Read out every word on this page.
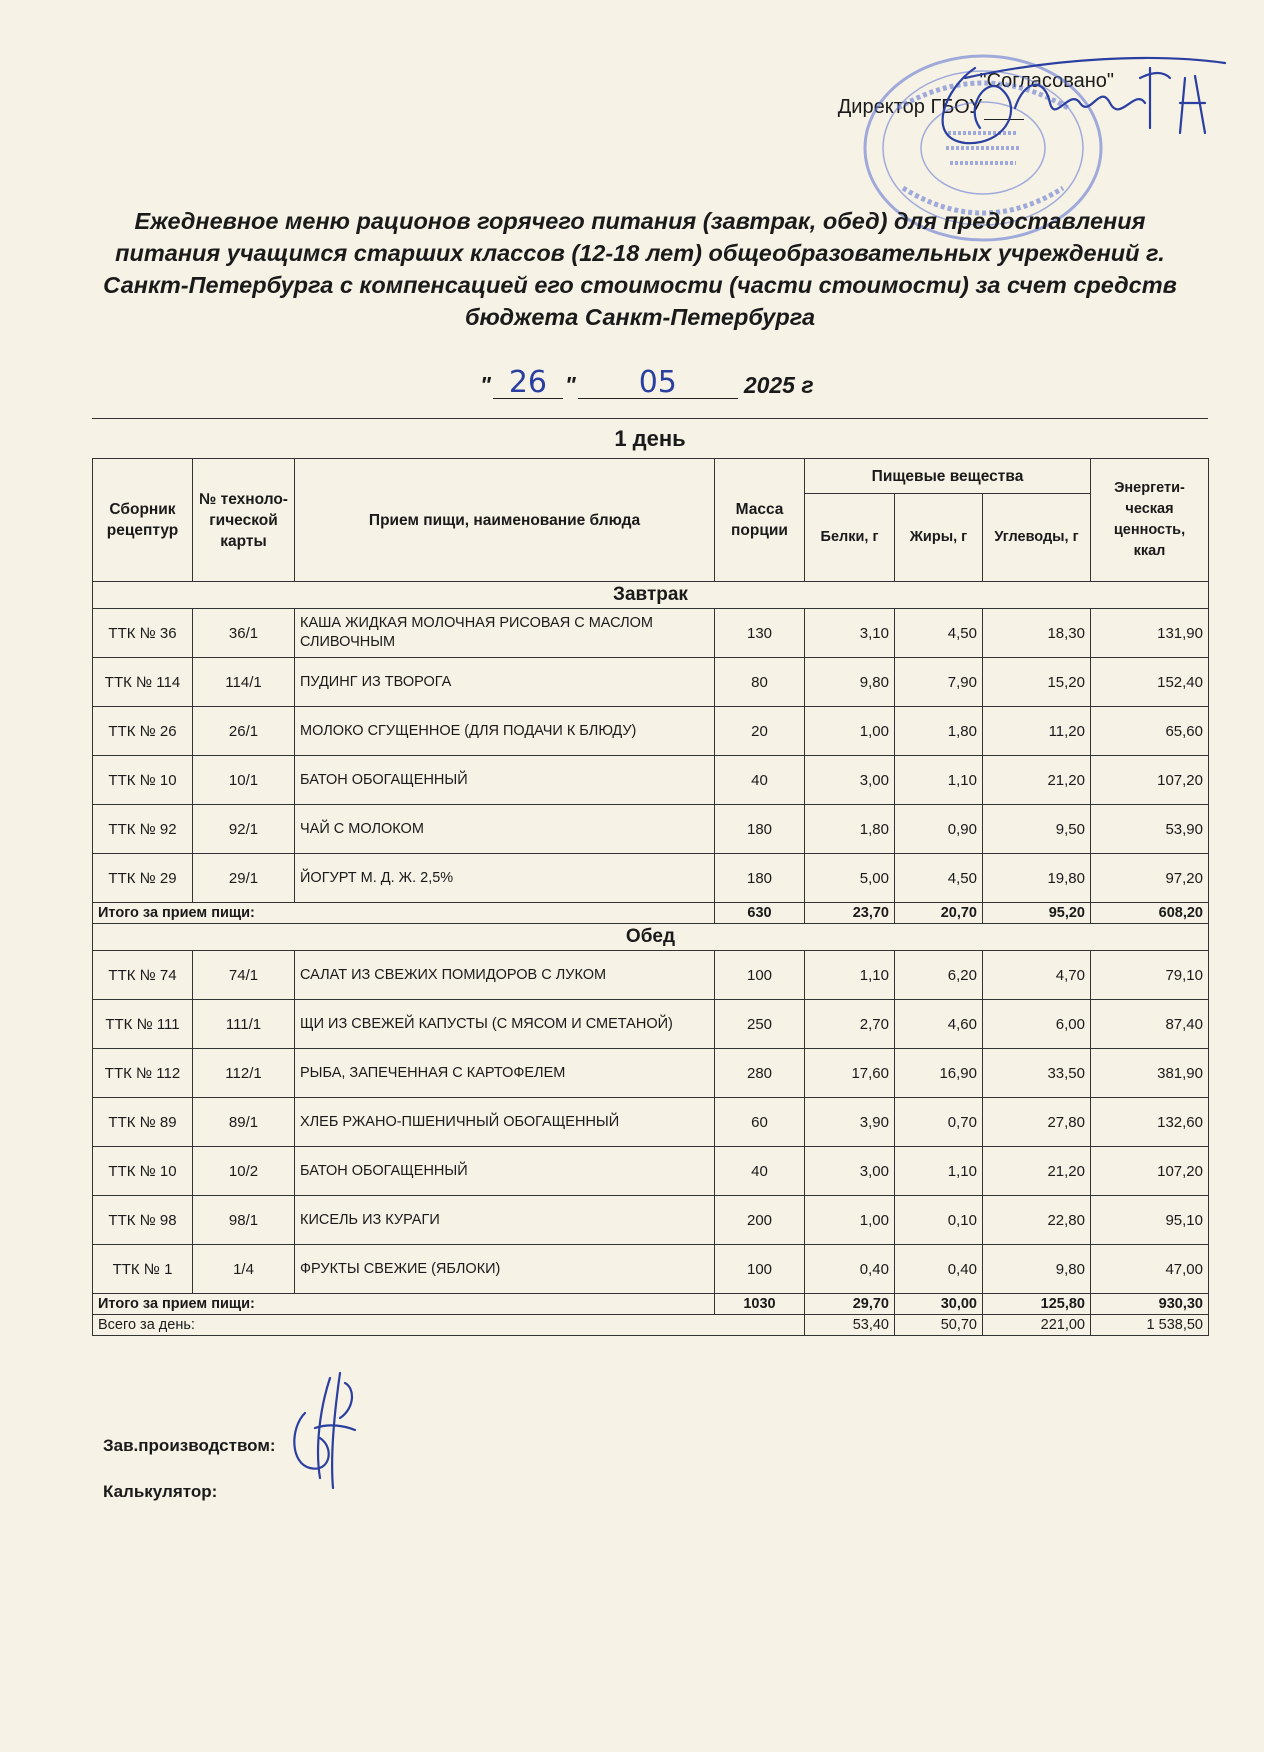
"Согласовано"
Директор ГБОУ
Ежедневное меню рационов горячего питания (завтрак, обед) для предоставления питания учащимся старших классов (12-18 лет) общеобразовательных учреждений г. Санкт-Петербурга с компенсацией его стоимости (части стоимости) за счет средств бюджета Санкт-Петербурга
" 26 "	05	2025 г
1 день
Сборник рецептур	№ техноло- гической карты	Прием пищи, наименование блюда	Масса порции	Пищевые вещества			Энергети- ческая ценность, ккал
				Белки, г	Жиры, г	Углеводы, г	
Завтрак							
ТТК № 36	36/1	КАША ЖИДКАЯ МОЛОЧНАЯ РИСОВАЯ С МАСЛОМ СЛИВОЧНЫМ	130	3,10	4,50	18,30	131,90
ТТК № 114	114/1	ПУДИНГ ИЗ ТВОРОГА	80	9,80	7,90	15,20	152,40
ТТК № 26	26/1	МОЛОКО СГУЩЕННОЕ (ДЛЯ ПОДАЧИ К БЛЮДУ)	20	1,00	1,80	11,20	65,60
ТТК № 10	10/1	БАТОН ОБОГАЩЕННЫЙ	40	3,00	1,10	21,20	107,20
ТТК № 92	92/1	ЧАЙ С МОЛОКОМ	180	1,80	0,90	9,50	53,90
ТТК № 29	29/1	ЙОГУРТ М. Д. Ж. 2,5%	180	5,00	4,50	19,80	97,20
Итого за прием пищи:			630	23,70	20,70	95,20	608,20
Обед							
ТТК № 74	74/1	САЛАТ ИЗ СВЕЖИХ ПОМИДОРОВ С ЛУКОМ	100	1,10	6,20	4,70	79,10
ТТК № 111	111/1	ЩИ ИЗ СВЕЖЕЙ КАПУСТЫ (С МЯСОМ И СМЕТАНОЙ)	250	2,70	4,60	6,00	87,40
ТТК № 112	112/1	РЫБА, ЗАПЕЧЕННАЯ С КАРТОФЕЛЕМ	280	17,60	16,90	33,50	381,90
ТТК № 89	89/1	ХЛЕБ РЖАНО-ПШЕНИЧНЫЙ ОБОГАЩЕННЫЙ	60	3,90	0,70	27,80	132,60
ТТК № 10	10/2	БАТОН ОБОГАЩЕННЫЙ	40	3,00	1,10	21,20	107,20
ТТК № 98	98/1	КИСЕЛЬ ИЗ КУРАГИ	200	1,00	0,10	22,80	95,10
ТТК № 1	1/4	ФРУКТЫ СВЕЖИЕ (ЯБЛОКИ)	100	0,40	0,40	9,80	47,00
Итого за прием пищи:			1030	29,70	30,00	125,80	930,30
Всего за день:				53,40	50,70	221,00	1 538,50
Зав.производством:
Калькулятор:
